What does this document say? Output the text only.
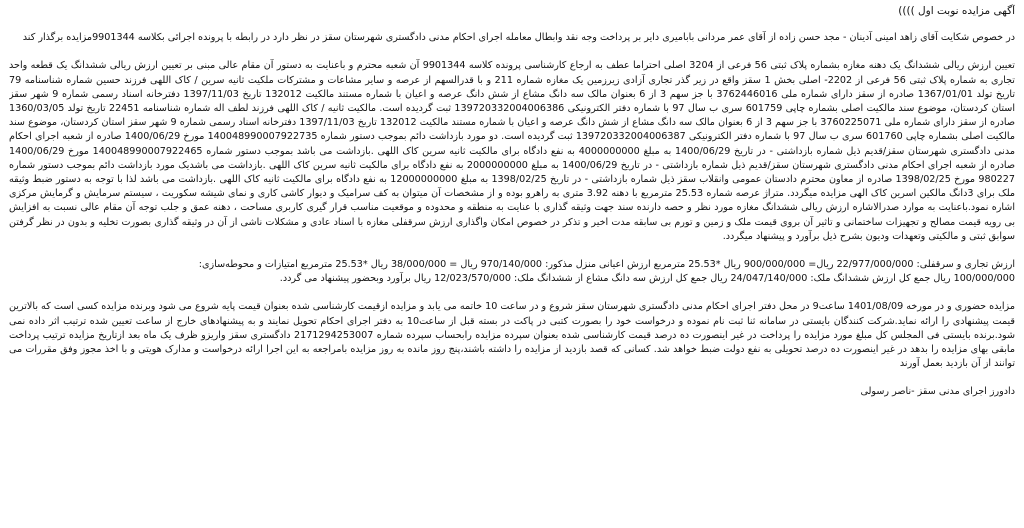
آگهی مزایده نوبت اول ))))

در خصوص شکایت آقای زاهد امینی آدینان - مجد حسن زاده از آقای عمر مردانی بابامیری دایر بر پرداخت وجه نقد وابطال معامله اجرای احکام مدنی دادگستری شهرستان سقز در نظر دارد در رابطه با پرونده اجرائی بکلاسه 9901344مزایده برگذار کند

تعیین ارزش ریالی ششدانگ یک دهنه مغازه بشماره پلاک ثبتی 56 فرعی از 3204 اصلی احتراما عطف به ارجاع کارشناسی پرونده کلاسه 9901344 آن شعبه محترم و باعنایت به دستور آن مقام عالی مبنی بر تعیین ارزش ریالی ششدانگ یک قطعه واحد تجاری به شماره پلاک ثبتی 56 فرعی از 2202- اصلی بخش 1 سقز واقع در زیر گذر تجاری آزادی زیرزمین یک مغازه شماره 211 و با قدرالسهم از عرصه و سایر مشاعات و مشترکات ملکیت ثانیه سرین / کاک اللهی فرزند حسین شماره شناسنامه 79 تاریخ تولد 1367/01/01 صادره از سقز دارای شماره ملی 3762446016 با جز سهم 3 از 6 بعنوان مالک سه دانگ مشاع از شش دانگ عرصه و اعیان با شماره مستند مالکیت 132012 تاریخ 1397/11/03 دفترخانه اسناد رسمی شماره 9 شهر سقز استان کردستان، موضوع سند مالکیت اصلی بشماره چاپی 601759 سری ب سال 97 با شماره دفتر الکترونیکی 139720332004006386 ثبت گردیده است. مالکیت ثانیه / کاک اللهی فرزند لطف اله شماره شناسنامه 22451 تاریخ تولد 1360/03/05 صادره از سقز دارای شماره ملی 3760225071 با جز سهم 3 از 6 بعنوان مالک سه دانگ مشاع از شش دانگ عرصه و اعیان با شماره مستند مالکیت 132012 تاریخ 1397/11/03 دفترخانه اسناد رسمی شماره 9 شهر سقز استان کردستان، موضوع سند مالکیت اصلی بشماره چاپی 601760 سری ب سال 97 با شماره دفتر الکترونیکی 139720332004006387 ثبت گردیده است. دو مورد بازداشت دائم بموجب دستور شماره 140048990007922735 مورخ 1400/06/29 صادره از شعبه اجرای احکام مدنی دادگستری شهرستان سقز/قدیم ذیل شماره بازداشتی - در تاریخ 1400/06/29 به مبلغ 4000000000 به نفع دادگاه برای مالکیت ثانیه سرین کاک اللهی .بازداشت می باشد بموجب دستور شماره 140048990007922465 مورخ 1400/06/29 صادره از شعبه اجرای احکام مدنی دادگستری شهرستان سقز/قدیم ذیل شماره بازداشتی - در تاریخ 1400/06/29 به مبلغ 2000000000 به نفع دادگاه برای مالکیت ثانیه سرین کاک اللهی .بازداشت می باشدیک مورد بازداشت دائم بموجب دستور شماره 980227 مورخ 1398/02/25 صادره از معاون محترم دادستان عمومی وانقلاب سقز ذیل شماره بازداشتی - در تاریخ 1398/02/25 به مبلغ 12000000000 به نفع دادگاه برای مالکیت ثانیه کاک اللهی .بازداشت می باشد لذا با توجه به دستور ضبط وثیقه ملک برای 3دانگ مالکین اسرین کاک الهی مزایده میگردد. متراژ عرصه شماره 25.53 مترمربع با دهنه 3.92 متری به راهرو بوده و از مشخصات آن میتوان به کف سرامیک و دیوار کاشی کاری و نمای شیشه سکوریت ، سیستم سرمایش و گرمایش مرکزی اشاره نمود.باعنایت به موارد صدرالاشاره ارزش ریالی ششدانگ مغازه مورد نظر و حصه دارنده سند جهت وثیقه گذاری با عنایت به منطقه و محدوده و موقعیت مناسب قرار گیری کاربری مساحت ، دهنه عمق و جلب توجه آن مقام عالی نسبت به افزایش بی رویه قیمت مصالح و تجهیزات ساختمانی و تاثیر آن بروی قیمت ملک و زمین و تورم بی سابقه مدت اخیر و تذکر در خصوص امکان واگذاری ارزش سرقفلی مغازه با اسناد عادی و مشکلات ناشی از آن در وثیقه گذاری بصورت تخلیه و بدون در نظر گرفتن سوابق ثبتی و مالکیتی وتعهدات ودیون بشرح ذیل برآورد و پیشنهاد میگردد.

ارزش تجاری و سرقفلی: 22/977/000/000 ریال= 900/000/000 ریال *25.53 مترمربع ارزش اعیانی منزل مذکور: 970/140/000 ریال = 38/000/000 ریال *25.53 مترمربع امتیازات و محوطه‌سازی:

100/000/000 ریال جمع کل ارزش ششدانگ ملک: 24/047/140/000 ریال جمع کل ارزش سه دانگ مشاع از ششدانگ ملک: 12/023/570/000 ریال برآورد وبحضور پیشنهاد می گردد.

مزایده حضوری و در مورخه 1401/08/09 ساعت9 در محل دفتر اجرای احکام مدنی دادگستری شهرستان سقز شروع و در ساعت 10 خاتمه می یابد و مزایده ازقیمت کارشناسی شده بعنوان قیمت پایه شروع می شود وبرنده مزایده کسی است که بالاترین قیمت پیشنهادی را ارائه نماید.شرکت کنندگان بایستی در سامانه ثنا ثبت نام نموده و درخواست خود را بصورت کتبی در پاکت در بسته قبل از ساعت10 به دفتر اجرای احکام تحویل نمایند و به پیشنهادهای خارج از ساعت تعیین شده ترتیب اثر داده نمی شود.برنده بایستی فی المجلس کل مبلغ مورد مزایده را پرداخت در غیر اینصورت ده درصد قیمت کارشناسی شده بعنوان سپرده مزایده رابحساب سپرده شماره 2171294253007 دادگستری سقز واریزو ظرف یک ماه بعد ازتاریخ مزایده ترتیب پرداخت مابقی بهای مزایده را بدهد در غیر اینصورت ده درصد تحویلی به نفع دولت ضبط خواهد شد. کسانی که قصد بازدید از مزایده را داشته باشند،پنج روز مانده به روز مزایده بامراجعه به این اجرا ارائه درخواست و مدارک هویتی و با اخذ مجوز وفق مقررات می توانند از آن بازدید بعمل آورند

دادورز اجرای مدنی سقز -ناصر رسولی
